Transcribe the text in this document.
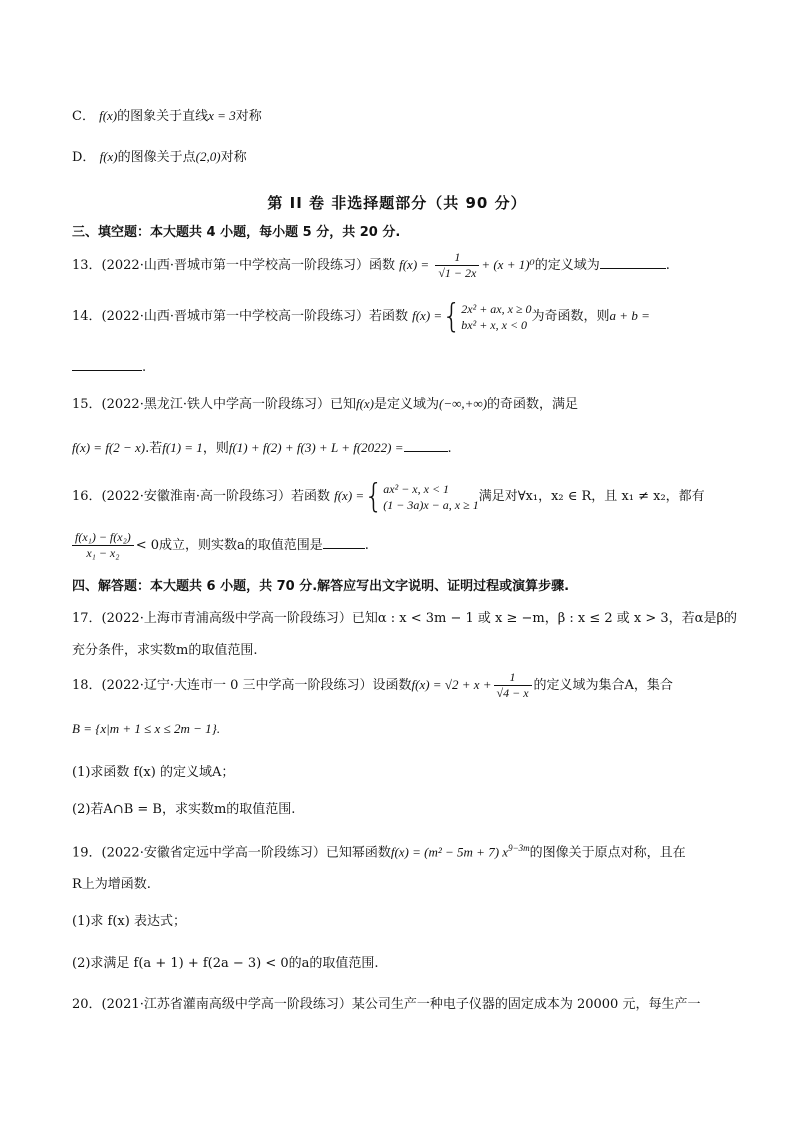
C． f(x)的图象关于直线x = 3对称
D． f(x)的图像关于点(2,0)对称
第 II 卷 非选择题部分（共 90 分）
三、填空题：本大题共 4 小题，每小题 5 分，共 20 分.
13．(2022·山西·晋城市第一中学校高一阶段练习）函数 $f(x) = \frac{1}{√1 - 2x} + (x + 1)^0$的定义域为	.
14．(2022·山西·晋城市第一中学校高一阶段练习）若函数 f(x) ={ 2x² + ax, x ≥ 0
bx² + x, x < 0
为奇函数，则a + b =
.
15．(2022·黑龙江·铁人中学高一阶段练习）已知f(x)是定义域为(−∞,+∞)的奇函数，满足
f(x) = f(2 − x).若f(1) = 1，则f(1) + f(2) + f(3) + L + f(2022) =	.
16．(2022·安徽淮南·高一阶段练习）若函数 f(x) ={ ax² − x, x < 1
(1 − 3a)x − a, x ≥ 1
满足对∀x₁，x₂ ∈ R，且 x₁ ≠ x₂，都有
$\frac{\text{f(x₁) − f(x₂)}}{\text{x₁ − x₂}} < 0$成立，则实数a的取值范围是	.
四、解答题：本大题共 6 小题，共 70 分.解答应写出文字说明、证明过程或演算步骤.
17．(2022·上海市青浦高级中学高一阶段练习）已知α : x < 3m − 1 或 x ≥ −m，β : x ≤ 2 或 x > 3，若α是β的
充分条件，求实数m的取值范围.
18．(2022·辽宁·大连市一 0 三中学高一阶段练习）设函数$f(x) = √2 + x + \frac{1}{√4 - x}$ 的定义域为集合A，集合
B = {x|m + 1 ≤ x ≤ 2m − 1}.
(1)求函数 f(x) 的定义域A；
(2)若A∩B = B，求实数m的取值范围.
19．(2022·安徽省定远中学高一阶段练习）已知幂函数f(x) = (m² − 5m + 7) $x^{9-3m}$的图像关于原点对称，且在
R上为增函数.
(1)求 f(x) 表达式；
(2)求满足 f(a + 1) + f(2a − 3) < 0的a的取值范围.
20．(2021·江苏省灌南高级中学高一阶段练习）某公司生产一种电子仪器的固定成本为 20000 元，每生产一
